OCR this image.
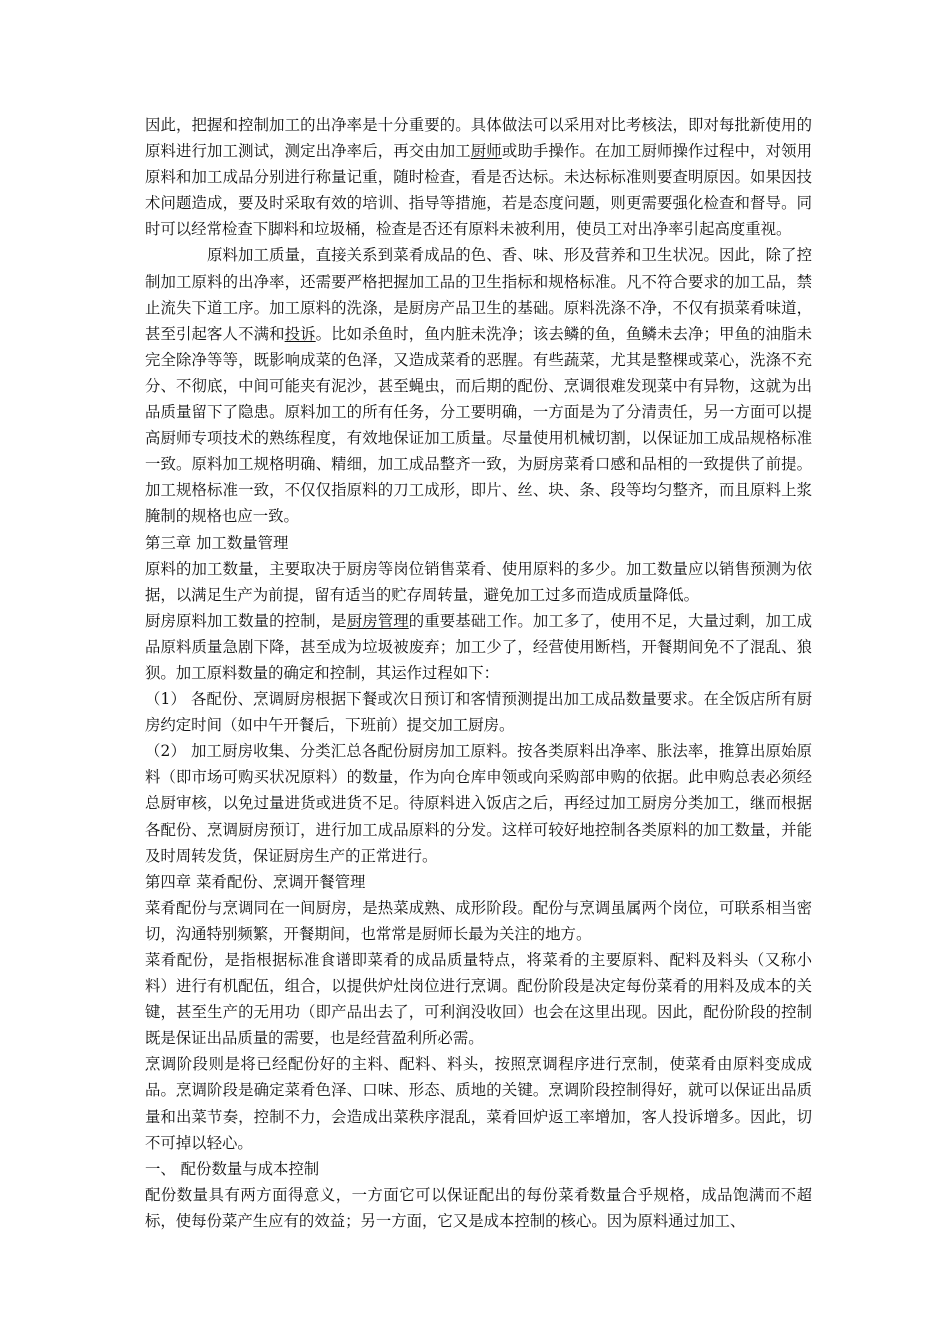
因此，把握和控制加工的出净率是十分重要的。具体做法可以采用对比考核法，即对每批新使用的原料进行加工测试，测定出净率后，再交由加工厨师或助手操作。在加工厨师操作过程中，对领用原料和加工成品分别进行称量记重，随时检查，看是否达标。未达标标准则要查明原因。如果因技术问题造成，要及时采取有效的培训、指导等措施，若是态度问题，则更需要强化检查和督导。同时可以经常检查下脚料和垃圾桶，检查是否还有原料未被利用，使员工对出净率引起高度重视。

原料加工质量，直接关系到菜肴成品的色、香、味、形及营养和卫生状况。因此，除了控制加工原料的出净率，还需要严格把握加工品的卫生指标和规格标准。凡不符合要求的加工品，禁止流失下道工序。加工原料的洗涤，是厨房产品卫生的基础。原料洗涤不净，不仅有损菜肴味道，甚至引起客人不满和投诉。比如杀鱼时，鱼内脏未洗净；该去鳞的鱼，鱼鳞未去净；甲鱼的油脂未完全除净等等，既影响成菜的色泽，又造成菜肴的恶腥。有些蔬菜，尤其是整棵或菜心，洗涤不充分、不彻底，中间可能夹有泥沙，甚至蝇虫，而后期的配份、烹调很难发现菜中有异物，这就为出品质量留下了隐患。原料加工的所有任务，分工要明确，一方面是为了分清责任，另一方面可以提高厨师专项技术的熟练程度，有效地保证加工质量。尽量使用机械切割，以保证加工成品规格标准一致。原料加工规格明确、精细，加工成品整齐一致，为厨房菜肴口感和品相的一致提供了前提。加工规格标准一致，不仅仅指原料的刀工成形，即片、丝、块、条、段等均匀整齐，而且原料上浆腌制的规格也应一致。

第三章 加工数量管理

原料的加工数量，主要取决于厨房等岗位销售菜肴、使用原料的多少。加工数量应以销售预测为依据，以满足生产为前提，留有适当的贮存周转量，避免加工过多而造成质量降低。

厨房原料加工数量的控制，是厨房管理的重要基础工作。加工多了，使用不足，大量过剩，加工成品原料质量急剧下降，甚至成为垃圾被废弃；加工少了，经营使用断档，开餐期间免不了混乱、狼狈。加工原料数量的确定和控制，其运作过程如下：

（1） 各配份、烹调厨房根据下餐或次日预订和客情预测提出加工成品数量要求。在全饭店所有厨房约定时间（如中午开餐后，下班前）提交加工厨房。

（2） 加工厨房收集、分类汇总各配份厨房加工原料。按各类原料出净率、胀法率，推算出原始原料（即市场可购买状况原料）的数量，作为向仓库申领或向采购部申购的依据。此申购总表必须经总厨审核，以免过量进货或进货不足。待原料进入饭店之后，再经过加工厨房分类加工，继而根据各配份、烹调厨房预订，进行加工成品原料的分发。这样可较好地控制各类原料的加工数量，并能及时周转发货，保证厨房生产的正常进行。

第四章 菜肴配份、烹调开餐管理

菜肴配份与烹调同在一间厨房，是热菜成熟、成形阶段。配份与烹调虽属两个岗位，可联系相当密切，沟通特别频繁，开餐期间，也常常是厨师长最为关注的地方。

菜肴配份，是指根据标准食谱即菜肴的成品质量特点，将菜肴的主要原料、配料及料头（又称小料）进行有机配伍，组合，以提供炉灶岗位进行烹调。配份阶段是决定每份菜肴的用料及成本的关键，甚至生产的无用功（即产品出去了，可利润没收回）也会在这里出现。因此，配份阶段的控制既是保证出品质量的需要，也是经营盈利所必需。

烹调阶段则是将已经配份好的主料、配料、料头，按照烹调程序进行烹制，使菜肴由原料变成成品。烹调阶段是确定菜肴色泽、口味、形态、质地的关键。烹调阶段控制得好，就可以保证出品质量和出菜节奏，控制不力，会造成出菜秩序混乱，菜肴回炉返工率增加，客人投诉增多。因此，切不可掉以轻心。

一、 配份数量与成本控制

配份数量具有两方面得意义，一方面它可以保证配出的每份菜肴数量合乎规格，成品饱满而不超标，使每份菜产生应有的效益；另一方面，它又是成本控制的核心。因为原料通过加工、
